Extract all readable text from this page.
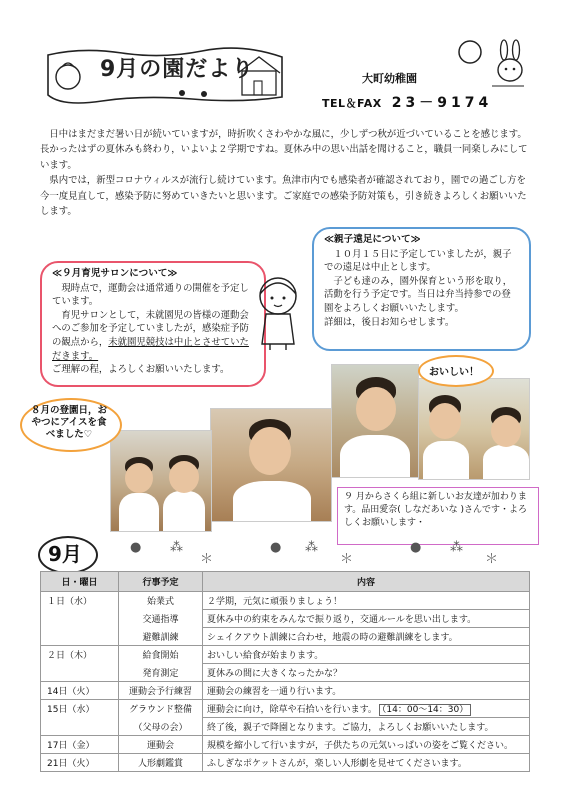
9月の園だより	大町幼稚園
TEL＆FAX 23－9174

日中はまだまだ暑い日が続いていますが，時折吹くさわやかな風に，少しずつ秋が近づいていることを感じます。長かったはずの夏休みも終わり，いよいよ２学期ですね。夏休み中の思い出話を聞けること，職員一同楽しみにしています。

県内では，新型コロナウィルスが流行し続けています。魚津市内でも感染者が確認されており，園での過ごし方を今一度見直して，感染予防に努めていきたいと思います。ご家庭での感染予防対策も，引き続きよろしくお願いいたします。

≪親子遠足について≫

１０月１５日に予定していましたが，親子での遠足は中止とします。

子ども達のみ，園外保育という形を取り，活動を行う予定です。当日は弁当持参での登園をよろしくお願いいたします。

詳細は，後日お知らせします。

≪９月育児サロンについて≫

現時点で，運動会は通常通りの開催を予定しています。

育児サロンとして，未就園児の皆様の運動会へのご参加を予定していましたが，感染症予防の観点から，未就園児競技は中止とさせていただきます。

ご理解の程，よろしくお願いいたします。	おいしい！
８月の登園日，おやつにアイスを食べました♡
９ 月からさくら組に新しいお友達が加わります。品田愛奈( しなだあいな )さんです・よろしくお願いします・
9月	● ⁂
＊
● ⁂
＊
● ⁂
＊
日・曜日	行事予定	内容
１日（水）	始業式	２学期，元気に頑張りましょう！
	交通指導	夏休み中の約束をみんなで振り返り，交通ルールを思い出します。
	避難訓練	シェイクアウト訓練に合わせ，地震の時の避難訓練をします。
２日（木）	給食開始	おいしい給食が始まります。
	発育測定	夏休みの間に大きくなったかな？
14日（火）	運動会予行練習	運動会の練習を一通り行います。
15日（水）	グラウンド整備	運動会に向け，除草や石拾いを行います。 （14：00～14：30）
	（父母の会）	終了後，親子で降園となります。ご協力，よろしくお願いいたします。
17日（金）	運動会	規模を縮小して行いますが，子供たちの元気いっぱいの姿をご覧ください。
21日（火）	人形劇鑑賞	ふしぎなポケットさんが，楽しい人形劇を見せてくださいます。
